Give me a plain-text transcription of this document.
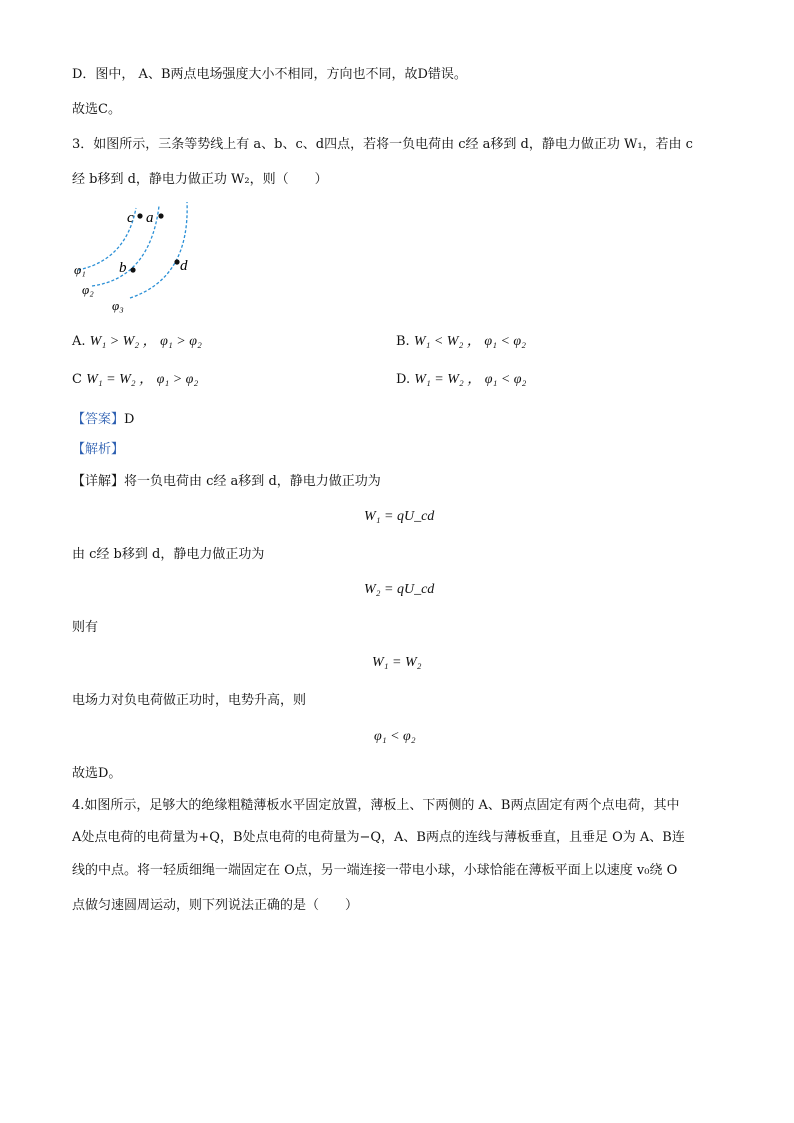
D．图中， A、B两点电场强度大小不相同，方向也不同，故D错误。
故选C。
3．如图所示，三条等势线上有 a、b、c、d四点，若将一负电荷由 c经 a移到 d，静电力做正功 W₁，若由 c
经 b移到 d，静电力做正功 W₂，则（　　）
c a
b	d
φ₁
φ₂
φ₃
A. W₁ > W₂ ， φ₁ > φ₂	B. W₁ < W₂ ， φ₁ < φ₂
C W₁ = W₂ ， φ₁ > φ₂	D. W₁ = W₂ ， φ₁ < φ₂
【答案】D
【解析】
【详解】将一负电荷由 c经 a移到 d，静电力做正功为
W₁ = qU_cd
由 c经 b移到 d，静电力做正功为
W₂ = qU_cd
则有
W₁ = W₂
电场力对负电荷做正功时，电势升高，则
φ₁ < φ₂
故选D。
4.如图所示，足够大的绝缘粗糙薄板水平固定放置，薄板上、下两侧的 A、B两点固定有两个点电荷，其中
A处点电荷的电荷量为+Q，B处点电荷的电荷量为−Q，A、B两点的连线与薄板垂直，且垂足 O为 A、B连
线的中点。将一轻质细绳一端固定在 O点，另一端连接一带电小球，小球恰能在薄板平面上以速度 v₀绕 O
点做匀速圆周运动，则下列说法正确的是（　　）
